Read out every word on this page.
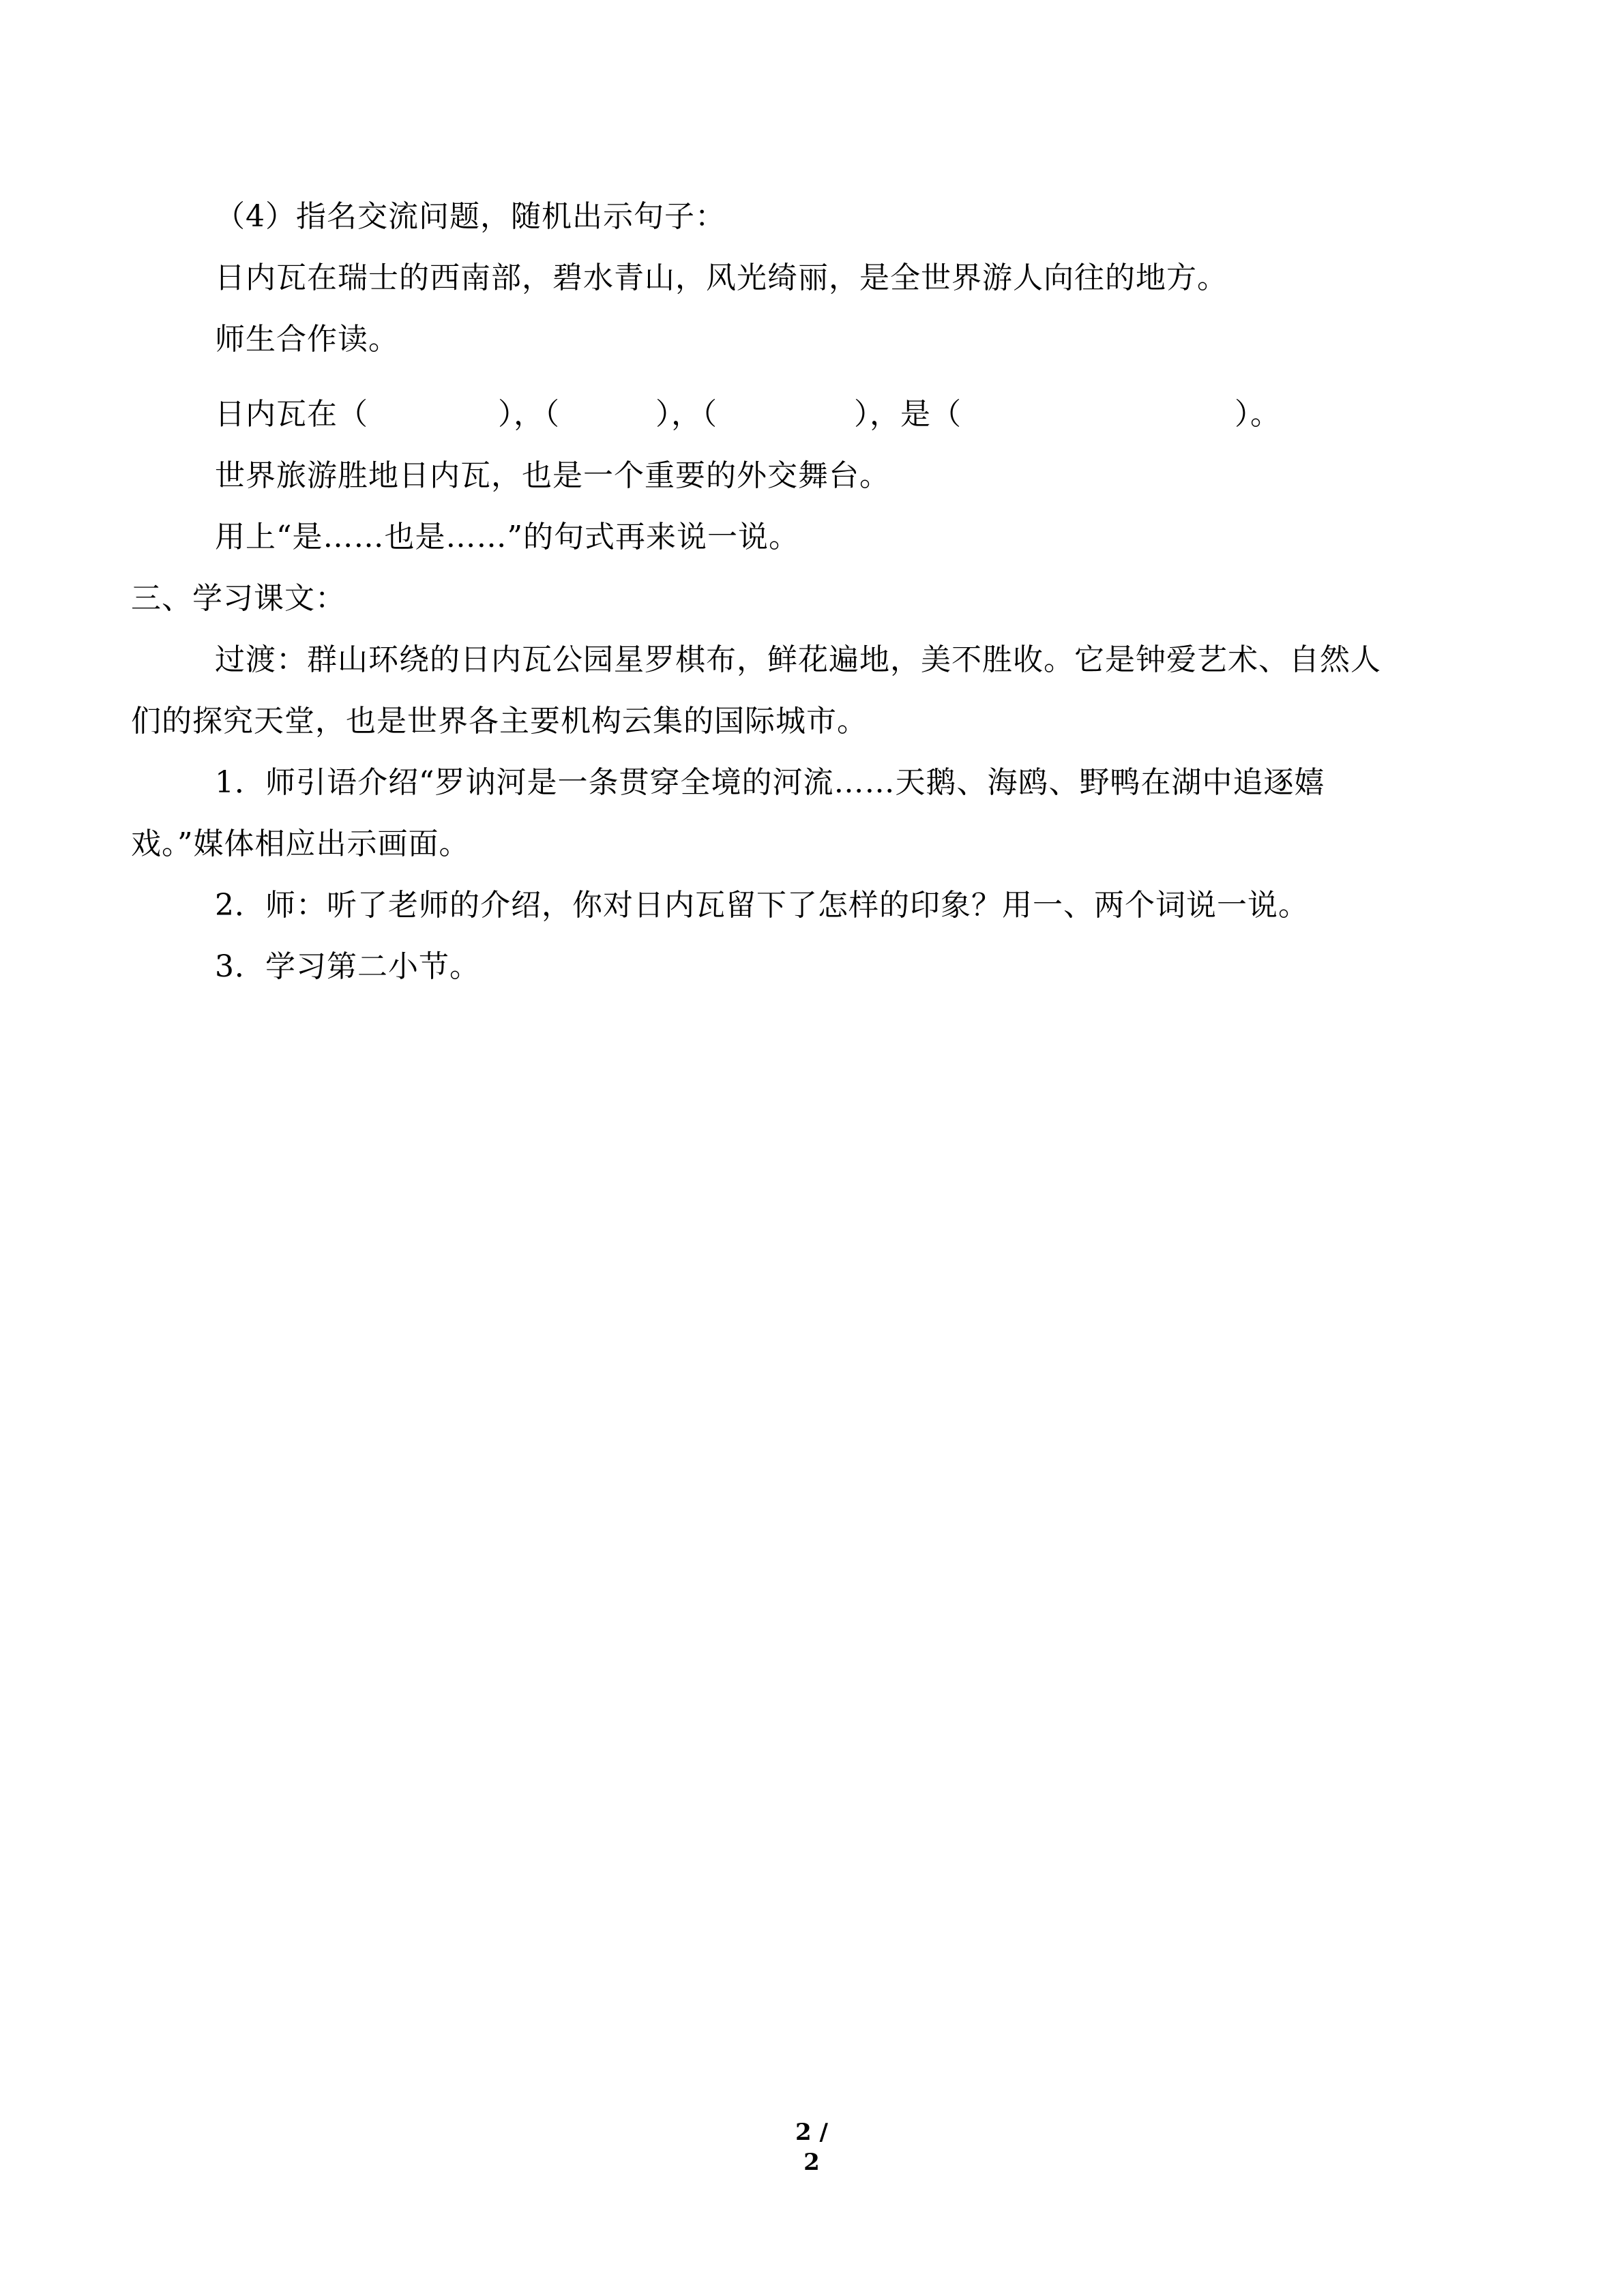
（4）指名交流问题，随机出示句子：
日内瓦在瑞士的西南部，碧水青山，风光绮丽，是全世界游人向往的地方。
师生合作读。
日内瓦在（	），（	），（	），是（	）。
世界旅游胜地日内瓦，也是一个重要的外交舞台。
用上“是……也是……”的句式再来说一说。
三、学习课文：
过渡：群山环绕的日内瓦公园星罗棋布，鲜花遍地，美不胜收。它是钟爱艺术、自然人
们的探究天堂，也是世界各主要机构云集的国际城市。
1．师引语介绍“罗讷河是一条贯穿全境的河流……天鹅、海鸥、野鸭在湖中追逐嬉
戏。”媒体相应出示画面。
2．师：听了老师的介绍，你对日内瓦留下了怎样的印象？用一、两个词说一说。
3．学习第二小节。
2 / 2
